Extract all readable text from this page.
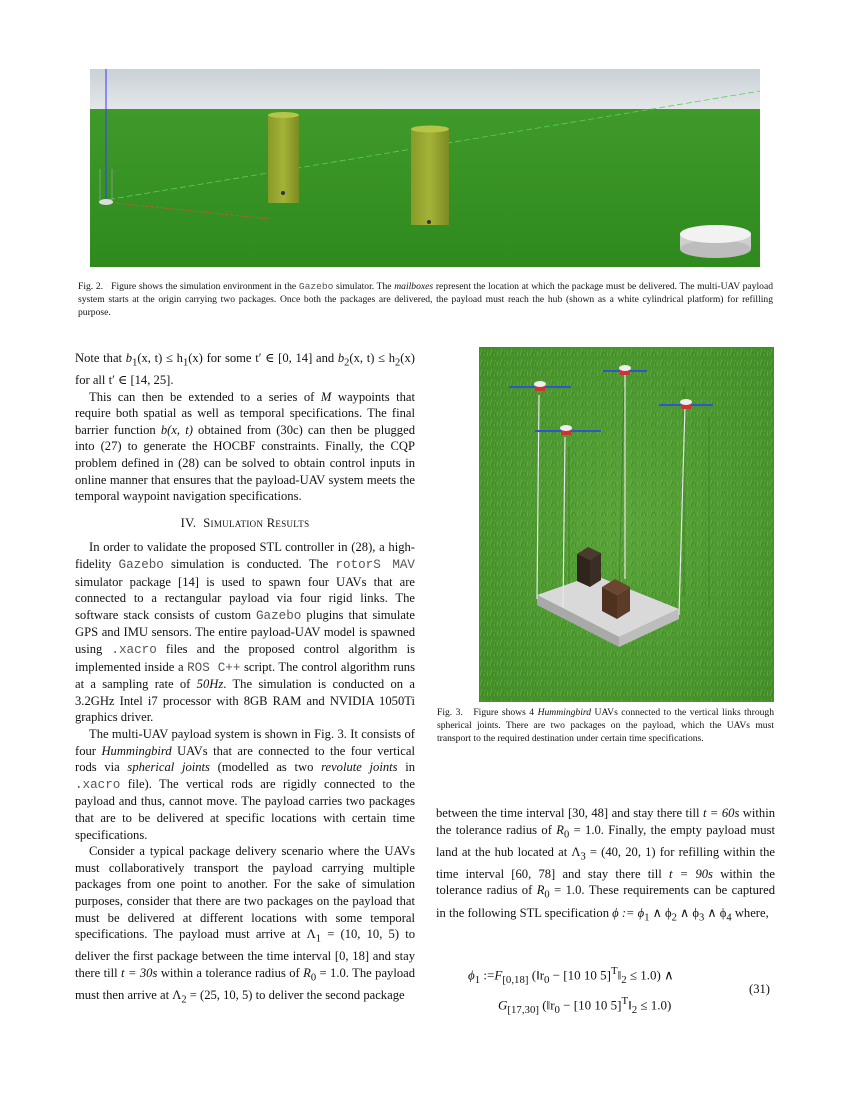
Fig. 2. Figure shows the simulation environment in the Gazebo simulator. The mailboxes represent the location at which the package must be delivered. The multi-UAV payload system starts at the origin carrying two packages. Once both the packages are delivered, the payload must reach the hub (shown as a white cylindrical platform) for refilling purpose.
Fig. 3. Figure shows 4 Hummingbird UAVs connected to the vertical links through spherical joints. There are two packages on the payload, which the UAVs must transport to the required destination under certain time specifications.

Note that $b_1(x$, $t) \le h_1(x)$ for some t′ ∈ [0, 14] and $b_2(x$, $t) \le h_2(x)$ for all t′ ∈ [14, 25].

This can then be extended to a series of M waypoints that require both spatial as well as temporal specifications. The final barrier function b(x, t) obtained from (30c) can then be plugged into (27) to generate the HOCBF constraints. Finally, the CQP problem defined in (28) can be solved to obtain control inputs in online manner that ensures that the payload-UAV system meets the temporal waypoint navigation specifications.

IV. Simulation Results

In order to validate the proposed STL controller in (28), a high-fidelity Gazebo simulation is conducted. The rotorS MAV simulator package [14] is used to spawn four UAVs that are connected to a rectangular payload via four rigid links. The software stack consists of custom Gazebo plugins that simulate GPS and IMU sensors. The entire payload-UAV model is spawned using .xacro files and the proposed control algorithm is implemented inside a ROS C++ script. The control algorithm runs at a sampling rate of 50Hz. The simulation is conducted on a 3.2GHz Intel i7 processor with 8GB RAM and NVIDIA 1050Ti graphics driver.

The multi-UAV payload system is shown in Fig. 3. It consists of four Hummingbird UAVs that are connected to the four vertical rods via spherical joints (modelled as two revolute joints in .xacro file). The vertical rods are rigidly connected to the payload and thus, cannot move. The payload carries two packages that are to be delivered at specific locations with certain time specifications.

Consider a typical package delivery scenario where the UAVs must collaboratively transport the payload carrying multiple packages from one point to another. For the sake of simulation purposes, consider that there are two packages on the payload that must be delivered at different locations with some temporal specifications. The payload must arrive at $\Lambda_1 = (10$, 10, 5) to deliver the first package between the time interval [0, 18] and stay there till t = 30s within a tolerance radius of $R_0 = 1.0$. The payload must then arrive at $\Lambda_2 = (25$, 10, 5) to deliver the second package

between the time interval [30, 48] and stay there till t = 60s within the tolerance radius of $R_0 = 1.0$. Finally, the empty payload must land at the hub located at $\Lambda_3 = (40$, 20, 1) for refilling within the time interval [60, 78] and stay there till t = 90s within the tolerance radius of $R_0 = 1.0$. These requirements can be captured in the following STL specification ϕ := $\phi_1$ ∧ $\phi_2$ ∧ $\phi_3$ ∧ $\phi_4$ where,

$\phi_1$ $:=F_{[0,18]}$ ($‖r_0 - [10$ 10 $5]^T‖_2 \le 1.0$) ∧
$G_{[17,30]}$ ($‖r_0 - [10$ 10 $5]^T‖_2 \le 1.0$)
(31)
